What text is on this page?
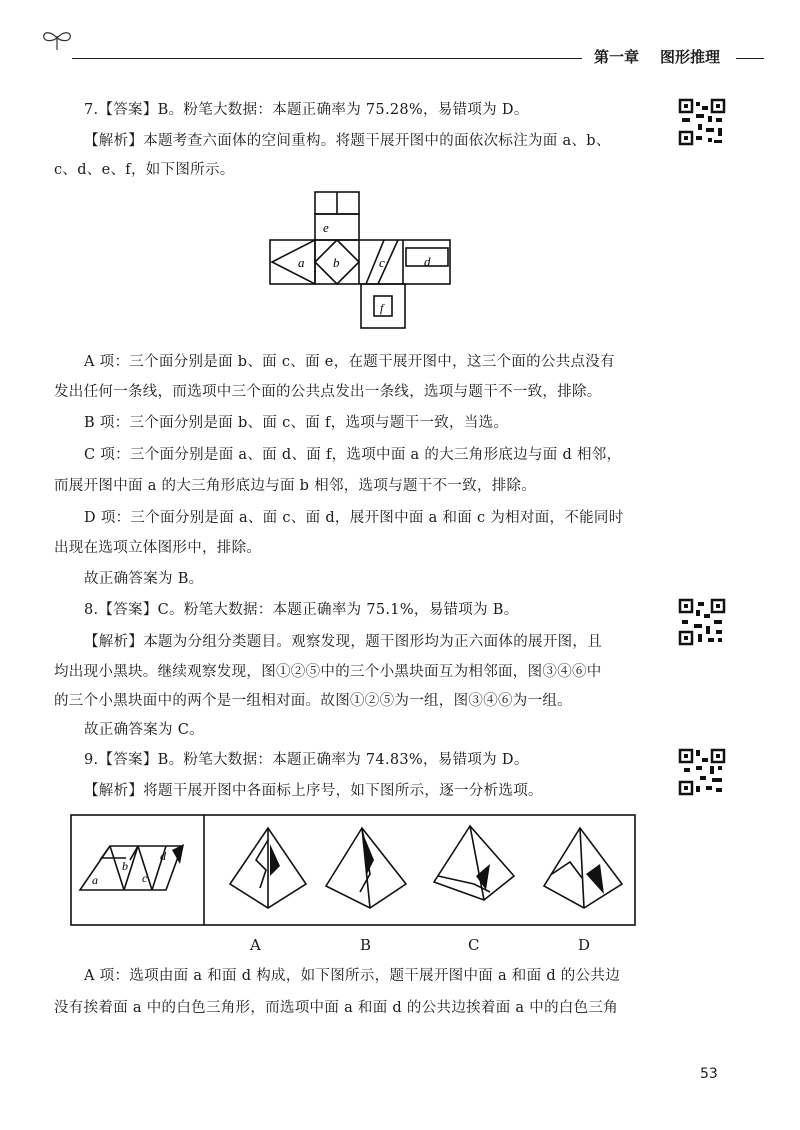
第一章 图形推理
7.【答案】B。粉笔大数据：本题正确率为 75.28%，易错项为 D。
【解析】本题考查六面体的空间重构。将题干展开图中的面依次标注为面 a、b、
c、d、e、f，如下图所示。
e
a b	c	d
f
A 项：三个面分别是面 b、面 c、面 e，在题干展开图中，这三个面的公共点没有
发出任何一条线，而选项中三个面的公共点发出一条线，选项与题干不一致，排除。
B 项：三个面分别是面 b、面 c、面 f，选项与题干一致，当选。
C 项：三个面分别是面 a、面 d、面 f，选项中面 a 的大三角形底边与面 d 相邻，
而展开图中面 a 的大三角形底边与面 b 相邻，选项与题干不一致，排除。
D 项：三个面分别是面 a、面 c、面 d，展开图中面 a 和面 c 为相对面，不能同时
出现在选项立体图形中，排除。
故正确答案为 B。
8.【答案】C。粉笔大数据：本题正确率为 75.1%，易错项为 B。
【解析】本题为分组分类题目。观察发现，题干图形均为正六面体的展开图，且
均出现小黑块。继续观察发现，图①②⑤中的三个小黑块面互为相邻面，图③④⑥中
的三个小黑块面中的两个是一组相对面。故图①②⑤为一组，图③④⑥为一组。
故正确答案为 C。
9.【答案】B。粉笔大数据：本题正确率为 74.83%，易错项为 D。
【解析】将题干展开图中各面标上序号，如下图所示，逐一分析选项。
a
b
c
d
A	B	C	D
A 项：选项由面 a 和面 d 构成，如下图所示，题干展开图中面 a 和面 d 的公共边
没有挨着面 a 中的白色三角形，而选项中面 a 和面 d 的公共边挨着面 a 中的白色三角
53
